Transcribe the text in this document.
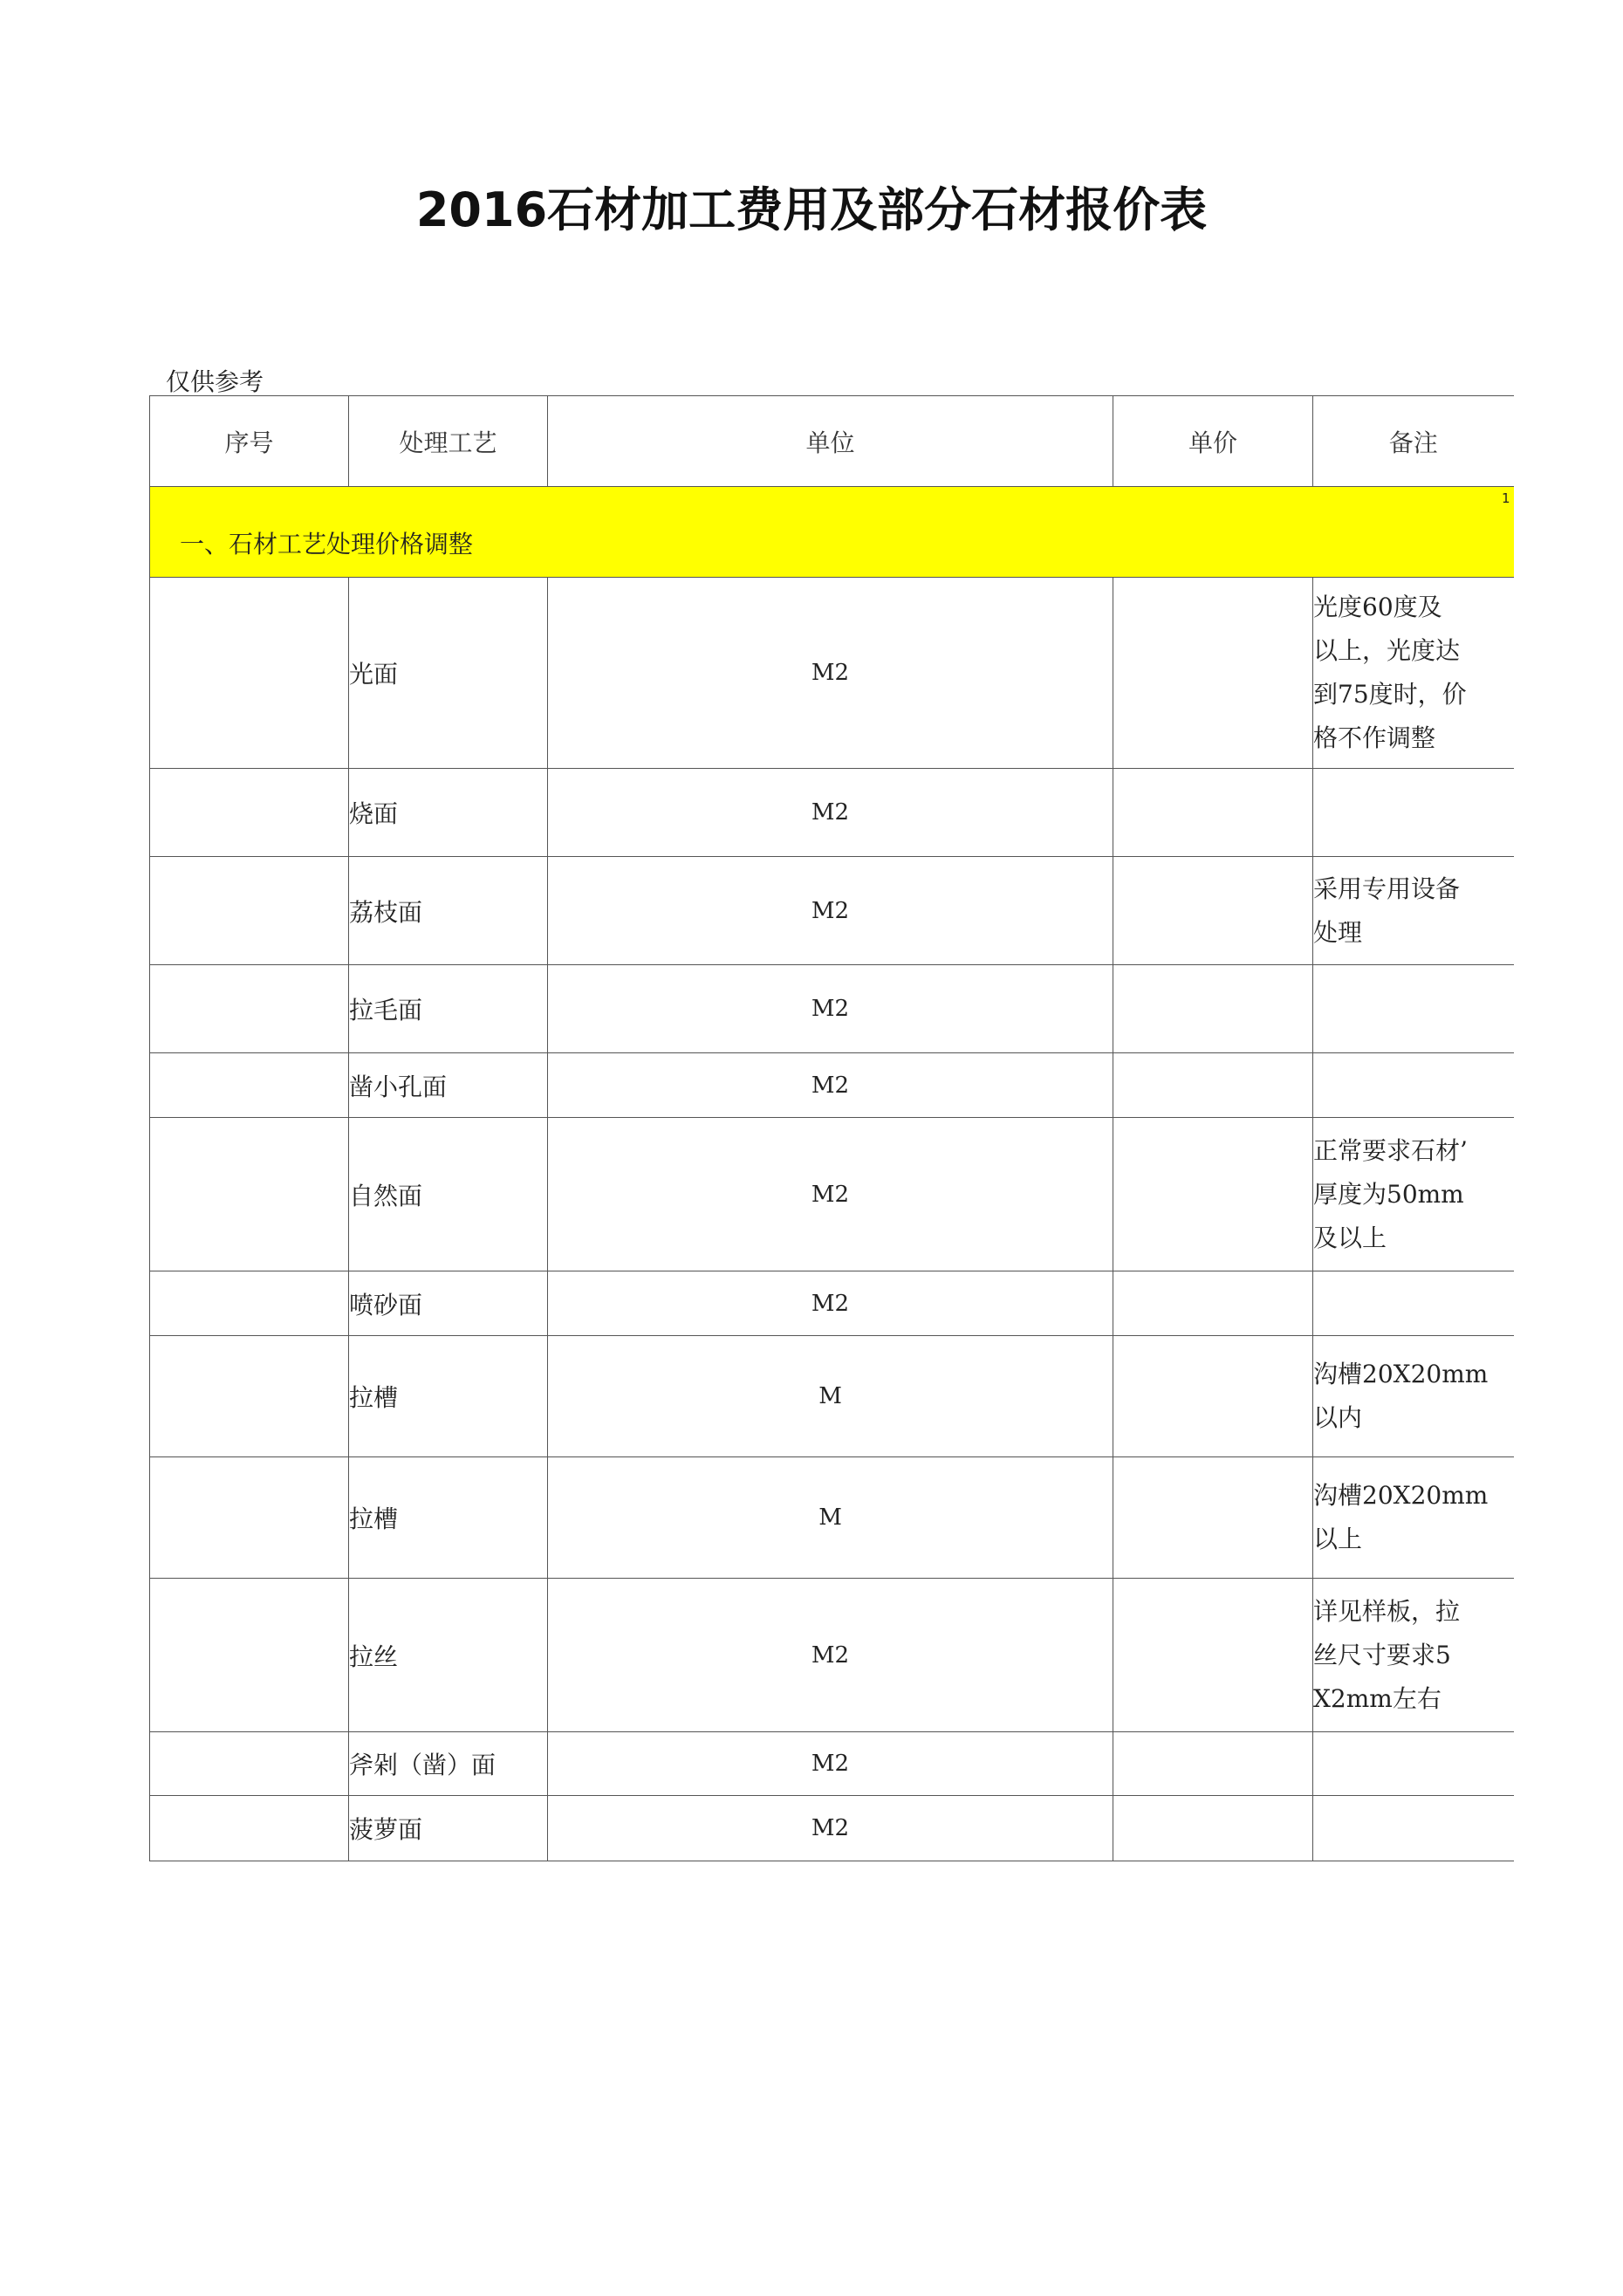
2016石材加工费用及部分石材报价表
仅供参考
序号	处理工艺	单位	单价	备注

一、石材工艺处理价格调整
1				

	光面	M2		光度60度及
以上，光度达
到75度时，价
格不作调整
	烧面	M2		
	荔枝面	M2		采用专用设备
处理
	拉毛面	M2		
	凿小孔面	M2		
	自然面	M2		正常要求石材’
厚度为50mm
及以上
	喷砂面	M2		
	拉槽	M		沟槽20X20mm
以内
	拉槽	M		沟槽20X20mm
以上
	拉丝	M2		详见样板，拉
丝尺寸要求5
X2mm左右
	斧剁（凿）面	M2		
	菠萝面	M2		
